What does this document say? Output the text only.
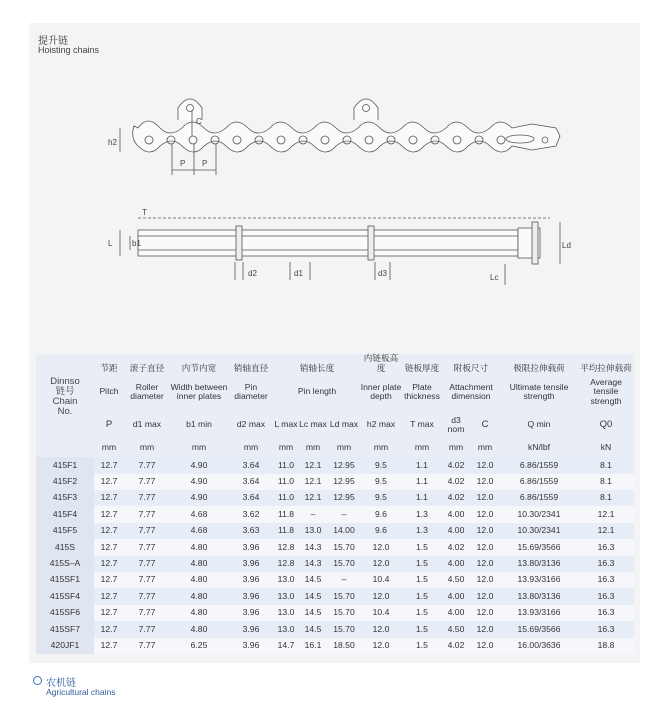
提升链
Hoisting chains
h2
C
P P
T
L b1
d2	d1	d3	Lc
Ld
Dinnso
链号
Chain
No.	节距	滚子直径	内节内宽	销轴直径	销轴长度			内链板高度	链板厚度	附板尺寸		极限拉伸载荷	平均拉伸载荷
	Pitch	Roller diameter	Width between inner plates	Pin diameter	Pin length			Inner plate depth	Plate thickness	Attachment dimension		Ultimate tensile strength	Average tensile strength
	P	d1 max	b1 min	d2 max	L max	Lc max	Ld max	h2 max	T max	d3 nom	C	Q min	Q0
	mm	mm	mm	mm	mm	mm	mm	mm	mm	mm	mm	kN/lbf	kN
415F1	12.7	7.77	4.90	3.64	11.0	12.1	12.95	9.5	1.1	4.02	12.0	6.86/1559	8.1
415F2	12.7	7.77	4.90	3.64	11.0	12.1	12.95	9.5	1.1	4.02	12.0	6.86/1559	8.1
415F3	12.7	7.77	4.90	3.64	11.0	12.1	12.95	9.5	1.1	4.02	12.0	6.86/1559	8.1
415F4	12.7	7.77	4.68	3.62	11.8	–	–	9.6	1.3	4.00	12.0	10.30/2341	12.1
415F5	12.7	7.77	4.68	3.63	11.8	13.0	14.00	9.6	1.3	4.00	12.0	10.30/2341	12.1
415S	12.7	7.77	4.80	3.96	12.8	14.3	15.70	12.0	1.5	4.02	12.0	15.69/3566	16.3
415S–A	12.7	7.77	4.80	3.96	12.8	14.3	15.70	12.0	1.5	4.00	12.0	13.80/3136	16.3
415SF1	12.7	7.77	4.80	3.96	13.0	14.5	–	10.4	1.5	4.50	12.0	13.93/3166	16.3
415SF4	12.7	7.77	4.80	3.96	13.0	14.5	15.70	12.0	1.5	4.00	12.0	13.80/3136	16.3
415SF6	12.7	7.77	4.80	3.96	13.0	14.5	15.70	10.4	1.5	4.00	12.0	13.93/3166	16.3
415SF7	12.7	7.77	4.80	3.96	13.0	14.5	15.70	12.0	1.5	4.50	12.0	15.69/3566	16.3
420JF1	12.7	7.77	6.25	3.96	14.7	16.1	18.50	12.0	1.5	4.02	12.0	16.00/3636	18.8
农机链
Agricultural chains
